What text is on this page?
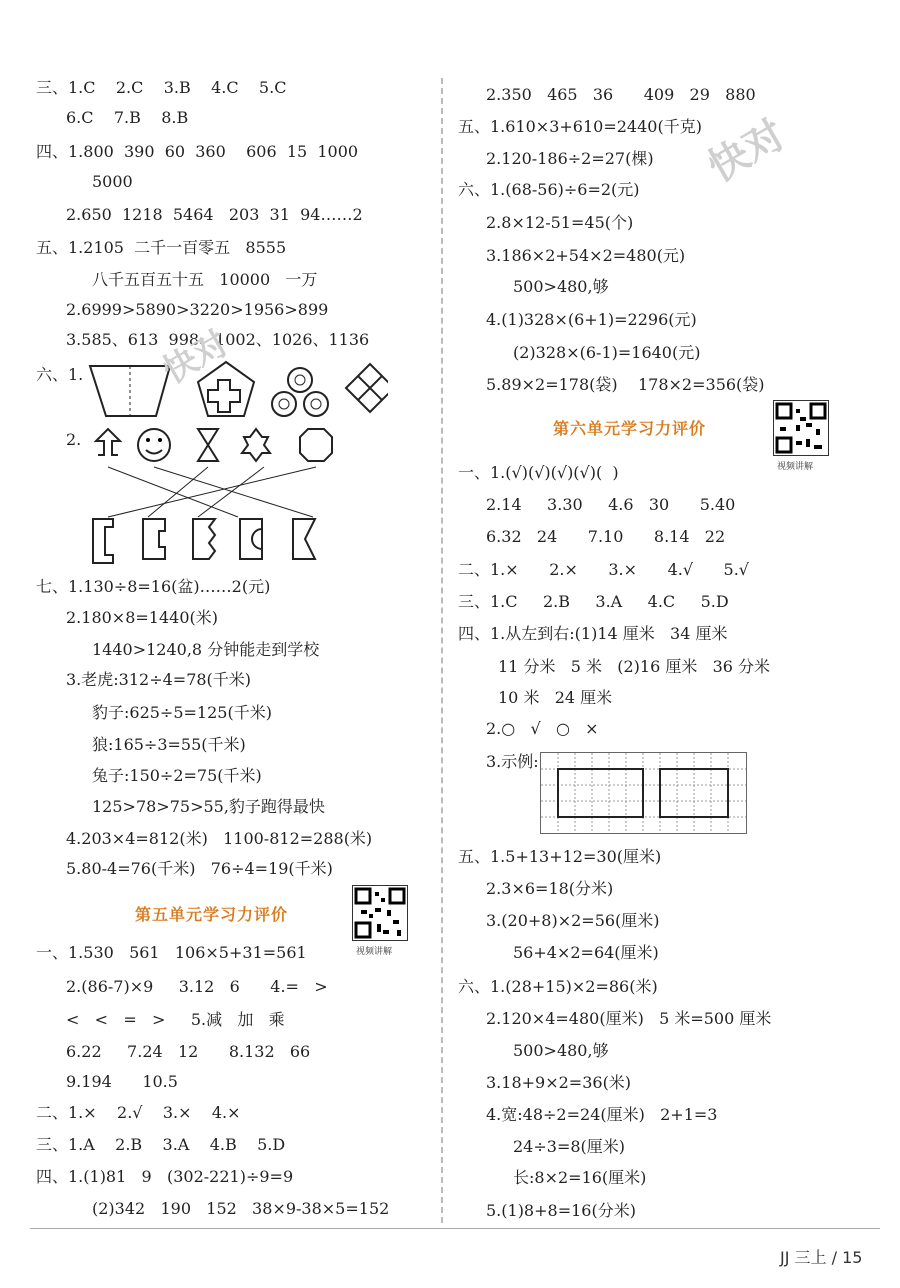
三、1.C    2.C    3.B    4.C    5.C
6.C    7.B    8.B
四、1.800  390  60  360    606  15  1000
5000
2.650  1218  5464   203  31  94……2
五、1.2105  二千一百零五   8555
八千五百五十五   10000   一万
2.6999>5890>3220>1956>899
3.585、613  998、1002、1026、1136
六、1.
2.
七、1.130÷8=16(盆)……2(元)
2.180×8=1440(米)
1440>1240,8 分钟能走到学校
3.老虎:312÷4=78(千米)
豹子:625÷5=125(千米)
狼:165÷3=55(千米)
兔子:150÷2=75(千米)
125>78>75>55,豹子跑得最快
4.203×4=812(米)   1100-812=288(米)
5.80-4=76(千米)   76÷4=19(千米)
一、1.530   561   106×5+31=561
2.(86-7)×9     3.12   6      4.=   >
<   <   =   >     5.减   加   乘
6.22     7.24   12      8.132   66
9.194      10.5
二、1.×    2.√    3.×    4.×
三、1.A    2.B    3.A    4.B    5.D
四、1.(1)81   9   (302-221)÷9=9
(2)342   190   152   38×9-38×5=152
2.350   465   36      409   29   880
五、1.610×3+610=2440(千克)
2.120-186÷2=27(棵)
六、1.(68-56)÷6=2(元)
2.8×12-51=45(个)
3.186×2+54×2=480(元)
500>480,够
4.(1)328×(6+1)=2296(元)
(2)328×(6-1)=1640(元)
5.89×2=178(袋)    178×2=356(袋)
一、1.(√)(√)(√)(√)(  )
2.14     3.30     4.6   30      5.40
6.32   24      7.10      8.14   22
二、1.×      2.×      3.×      4.√      5.√
三、1.C     2.B     3.A     4.C     5.D
四、1.从左到右:(1)14 厘米   34 厘米
11 分米   5 米   (2)16 厘米   36 分米
10 米   24 厘米
2.○   √   ○   ×
3.示例:
五、1.5+13+12=30(厘米)
2.3×6=18(分米)
3.(20+8)×2=56(厘米)
56+4×2=64(厘米)
六、1.(28+15)×2=86(米)
2.120×4=480(厘米)   5 米=500 厘米
500>480,够
3.18+9×2=36(米)
4.宽:48÷2=24(厘米)   2+1=3
24÷3=8(厘米)
长:8×2=16(厘米)
5.(1)8+8=16(分米)
第五单元学习力评价
视频讲解
第六单元学习力评价
视频讲解
快对
快对
JJ 三上 / 15
